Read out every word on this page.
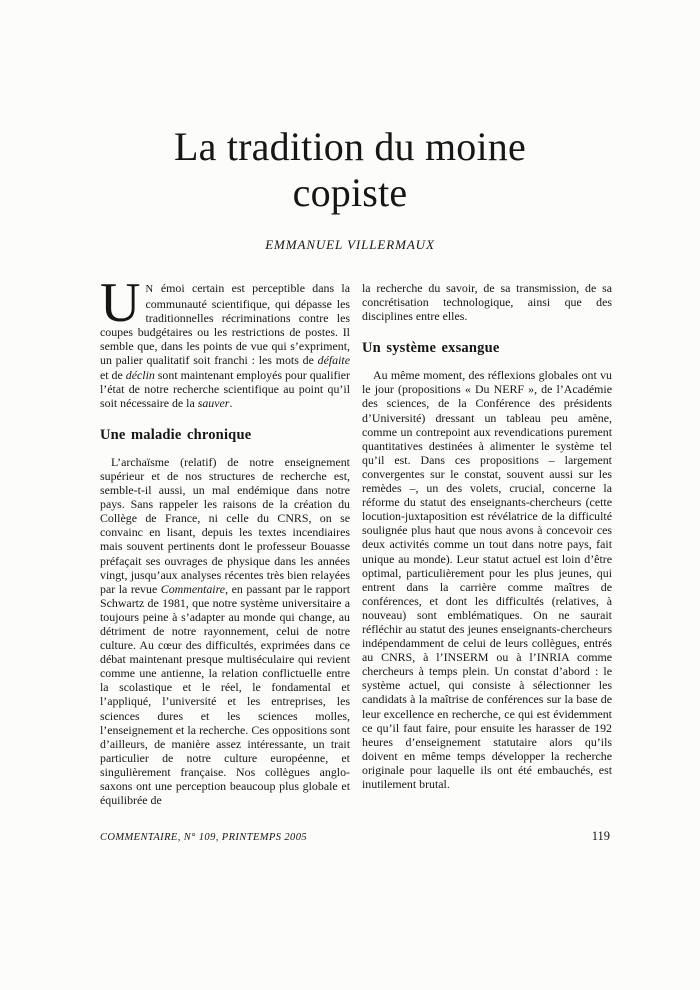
La tradition du moine copiste
EMMANUEL VILLERMAUX

U N émoi certain est perceptible dans la communauté scientifique, qui dépasse les traditionnelles récriminations contre les coupes budgétaires ou les restrictions de postes. Il semble que, dans les points de vue qui s’expriment, un palier qualitatif soit franchi : les mots de défaite et de déclin sont maintenant employés pour qualifier l’état de notre recherche scientifique au point qu’il soit nécessaire de la sauver.

Une maladie chronique

L’archaïsme (relatif) de notre enseignement supérieur et de nos structures de recherche est, semble-t-il aussi, un mal endémique dans notre pays. Sans rappeler les raisons de la création du Collège de France, ni celle du CNRS, on se convainc en lisant, depuis les textes incendiaires mais souvent pertinents dont le professeur Bouasse préfaçait ses ouvrages de physique dans les années vingt, jusqu’aux analyses récentes très bien relayées par la revue Commentaire, en passant par le rapport Schwartz de 1981, que notre système universitaire a toujours peine à s’adapter au monde qui change, au détriment de notre rayonnement, celui de notre culture. Au cœur des difficultés, exprimées dans ce débat maintenant presque multiséculaire qui revient comme une antienne, la relation conflictuelle entre la scolastique et le réel, le fondamental et l’appliqué, l’université et les entreprises, les sciences dures et les sciences molles, l’enseignement et la recherche. Ces oppositions sont d’ailleurs, de manière assez intéressante, un trait particulier de notre culture européenne, et singulièrement française. Nos collègues anglo-saxons ont une perception beaucoup plus globale et équilibrée de

la recherche du savoir, de sa transmission, de sa concrétisation technologique, ainsi que des disciplines entre elles.

Un système exsangue

Au même moment, des réflexions globales ont vu le jour (propositions « Du NERF », de l’Académie des sciences, de la Conférence des présidents d’Université) dressant un tableau peu amène, comme un contrepoint aux revendications purement quantitatives destinées à alimenter le système tel qu’il est. Dans ces propositions – largement convergentes sur le constat, souvent aussi sur les remèdes –, un des volets, crucial, concerne la réforme du statut des enseignants-chercheurs (cette locution-juxtaposition est révélatrice de la difficulté soulignée plus haut que nous avons à concevoir ces deux activités comme un tout dans notre pays, fait unique au monde). Leur statut actuel est loin d’être optimal, particulièrement pour les plus jeunes, qui entrent dans la carrière comme maîtres de conférences, et dont les difficultés (relatives, à nouveau) sont emblématiques. On ne saurait réfléchir au statut des jeunes enseignants-chercheurs indépendamment de celui de leurs collègues, entrés au CNRS, à l’INSERM ou à l’INRIA comme chercheurs à temps plein. Un constat d’abord : le système actuel, qui consiste à sélectionner les candidats à la maîtrise de conférences sur la base de leur excellence en recherche, ce qui est évidemment ce qu’il faut faire, pour ensuite les harasser de 192 heures d’enseignement statutaire alors qu’ils doivent en même temps développer la recherche originale pour laquelle ils ont été embauchés, est inutilement brutal.

COMMENTAIRE, N° 109, PRINTEMPS 2005	119
